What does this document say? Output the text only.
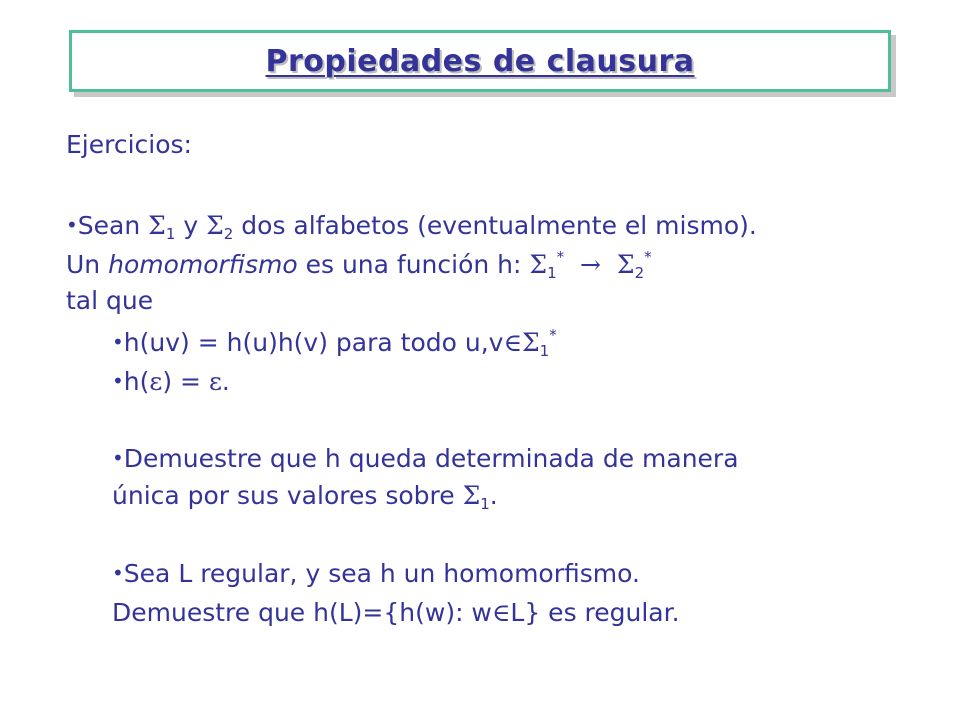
Propiedades de clausura
Ejercicios:
•Sean $\Sigma_1$ y $\Sigma_2$ dos alfabetos (eventualmente el mismo).
Un homomorfismo es una función h: $\Sigma_1^* \to \Sigma_2^*$
tal que
•h(uv) = h(u)h(v) para todo $u,v\in\Sigma_1^*$
•h(ε) = ε.
•Demuestre que h queda determinada de manera
única por sus valores sobre $\Sigma_1$.
•Sea L regular, y sea h un homomorfismo.
Demuestre que h(L)={h(w): w∈L} es regular.
